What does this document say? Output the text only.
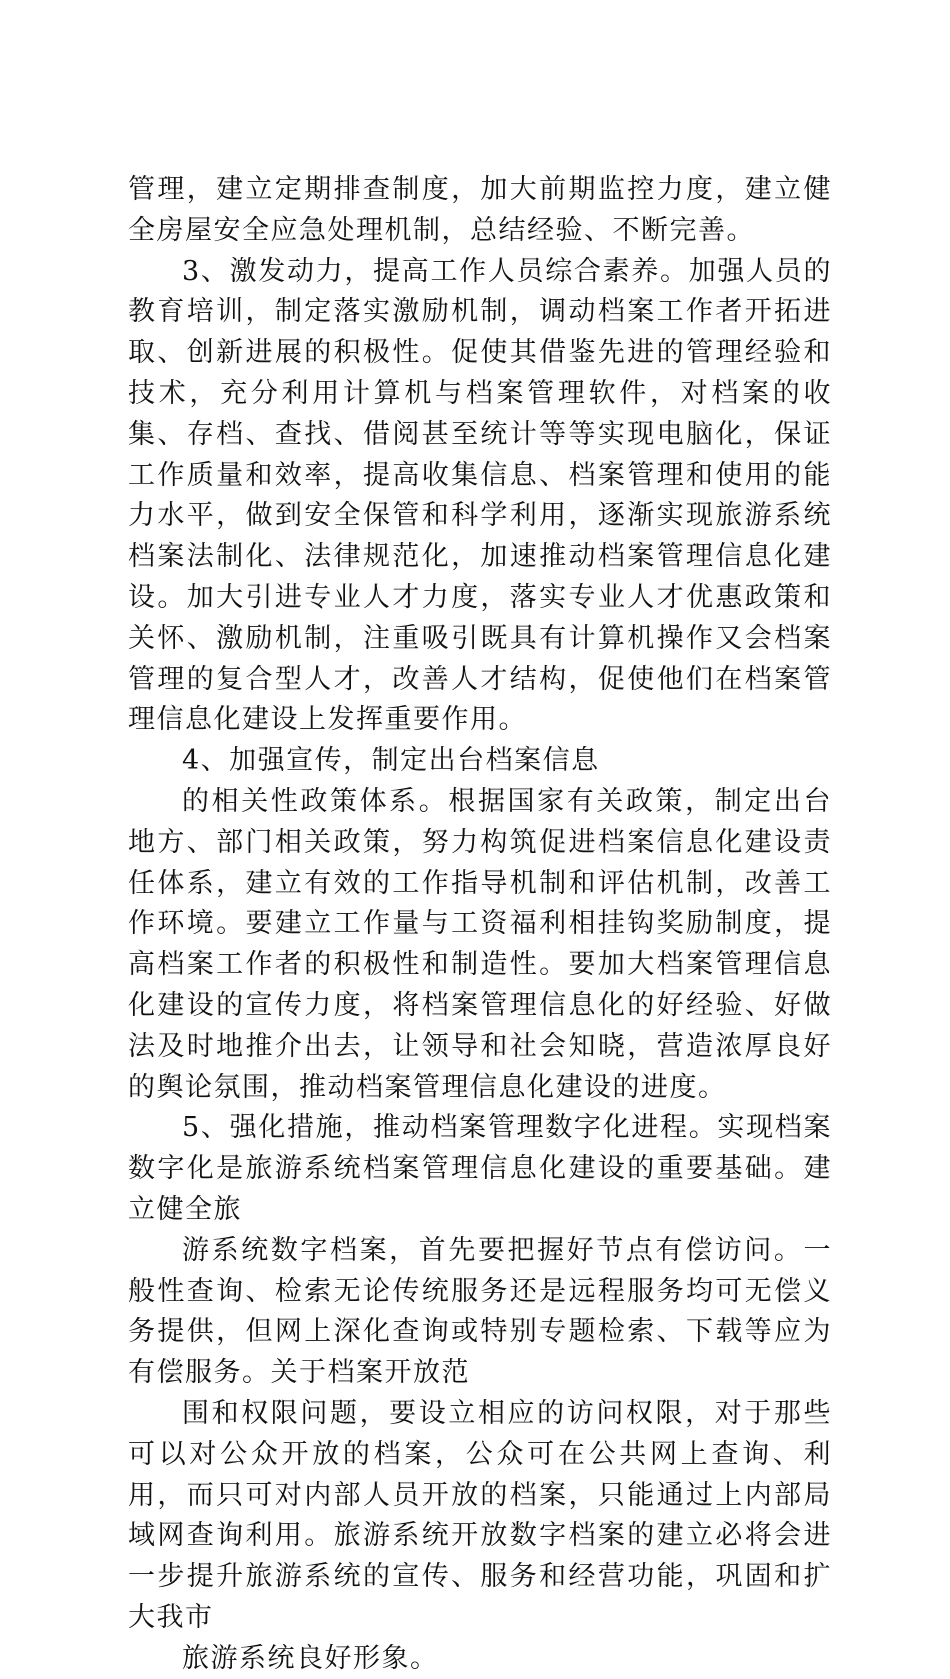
管理，建立定期排查制度，加大前期监控力度，建立健全房屋安全应急处理机制，总结经验、不断完善。

3、激发动力，提高工作人员综合素养。加强人员的教育培训，制定落实激励机制，调动档案工作者开拓进取、创新进展的积极性。促使其借鉴先进的管理经验和技术，充分利用计算机与档案管理软件，对档案的收集、存档、查找、借阅甚至统计等等实现电脑化，保证工作质量和效率，提高收集信息、档案管理和使用的能力水平，做到安全保管和科学利用，逐渐实现旅游系统档案法制化、法律规范化，加速推动档案管理信息化建设。加大引进专业人才力度，落实专业人才优惠政策和关怀、激励机制，注重吸引既具有计算机操作又会档案管理的复合型人才，改善人才结构，促使他们在档案管理信息化建设上发挥重要作用。

4、加强宣传，制定出台档案信息

的相关性政策体系。根据国家有关政策，制定出台地方、部门相关政策，努力构筑促进档案信息化建设责任体系，建立有效的工作指导机制和评估机制，改善工作环境。要建立工作量与工资福利相挂钩奖励制度，提高档案工作者的积极性和制造性。要加大档案管理信息化建设的宣传力度，将档案管理信息化的好经验、好做法及时地推介出去，让领导和社会知晓，营造浓厚良好的舆论氛围，推动档案管理信息化建设的进度。

5、强化措施，推动档案管理数字化进程。实现档案数字化是旅游系统档案管理信息化建设的重要基础。建立健全旅

游系统数字档案，首先要把握好节点有偿访问。一般性查询、检索无论传统服务还是远程服务均可无偿义务提供，但网上深化查询或特别专题检索、下载等应为有偿服务。关于档案开放范

围和权限问题，要设立相应的访问权限，对于那些可以对公众开放的档案，公众可在公共网上查询、利用，而只可对内部人员开放的档案，只能通过上内部局域网查询利用。旅游系统开放数字档案的建立必将会进一步提升旅游系统的宣传、服务和经营功能，巩固和扩大我市

旅游系统良好形象。
